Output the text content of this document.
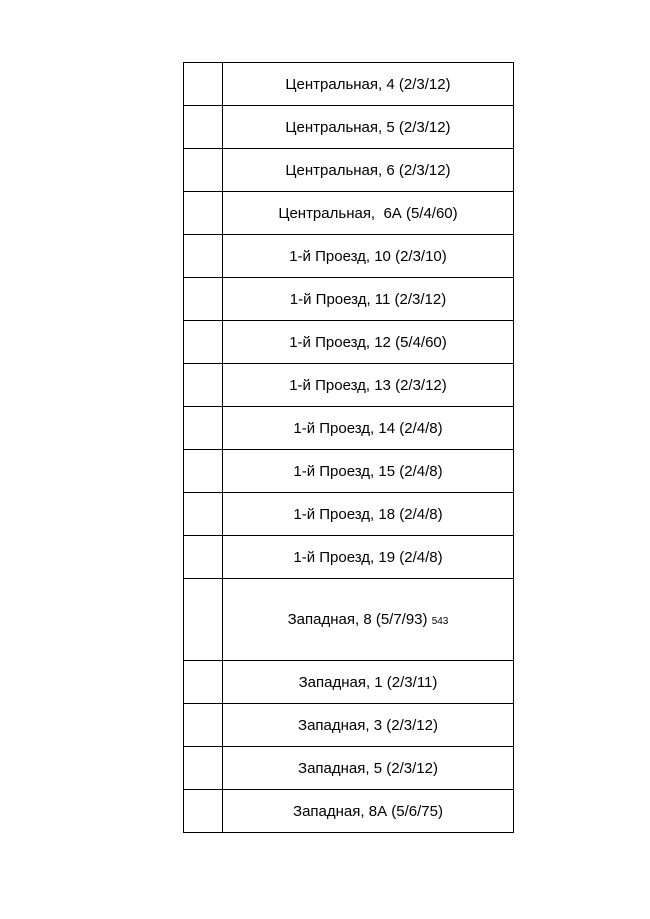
	Центральная, 4 (2/3/12)
	Центральная, 5 (2/3/12)
	Центральная, 6 (2/3/12)
	Центральная,  6А (5/4/60)
	1-й Проезд, 10 (2/3/10)
	1-й Проезд, 11 (2/3/12)
	1-й Проезд, 12 (5/4/60)
	1-й Проезд, 13 (2/3/12)
	1-й Проезд, 14 (2/4/8)
	1-й Проезд, 15 (2/4/8)
	1-й Проезд, 18 (2/4/8)
	1-й Проезд, 19 (2/4/8)
	Западная, 8 (5/7/93) 543
	Западная, 1 (2/3/11)
	Западная, 3 (2/3/12)
	Западная, 5 (2/3/12)
	Западная, 8А (5/6/75)
